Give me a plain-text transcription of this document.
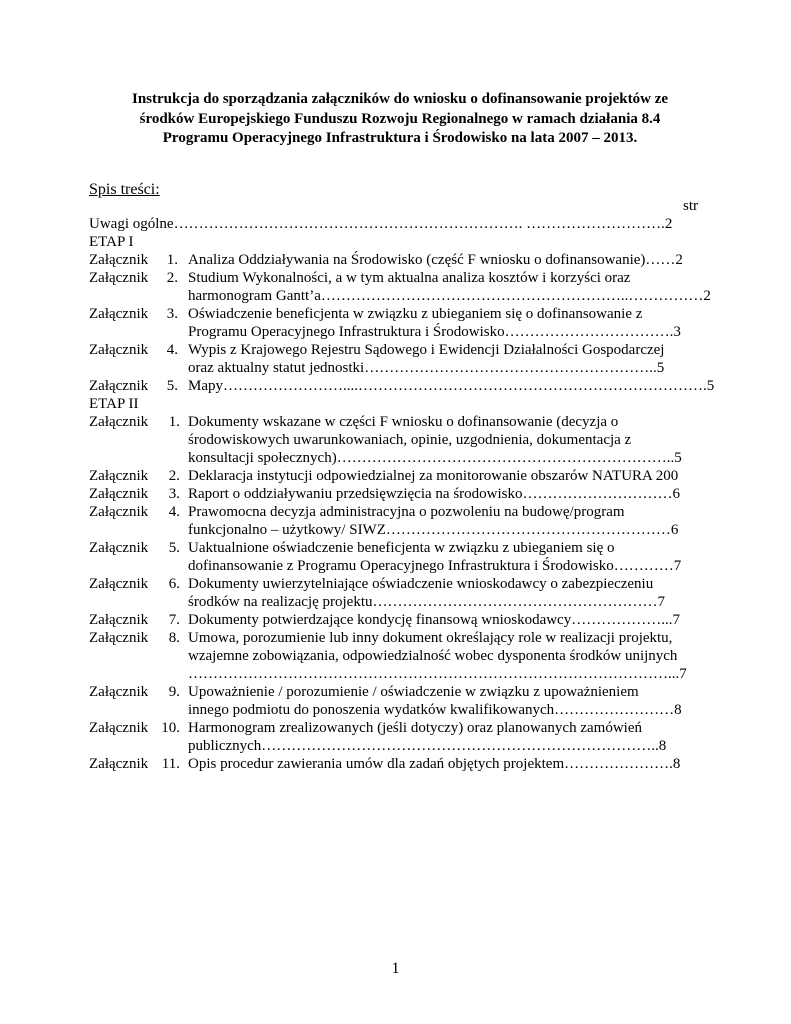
Instrukcja do sporządzania załączników do wniosku o dofinansowanie projektów ze
środków Europejskiego Funduszu Rozwoju Regionalnego w ramach działania 8.4
Programu Operacyjnego Infrastruktura i Środowisko na lata 2007 – 2013.
Spis treści:
str
Uwagi ogólne……………………………………………………………. ……………………….2
ETAP I
Załącznik	1. Analiza Oddziaływania na Środowisko (część F wniosku o dofinansowanie)……2
Załącznik	2. Studium Wykonalności, a w tym aktualna analiza kosztów i korzyści oraz
harmonogram Gantt’a……………………………………………………..……………2
Załącznik	3. Oświadczenie beneficjenta w związku z ubieganiem się o dofinansowanie z
Programu Operacyjnego Infrastruktura i Środowisko…………………………….3
Załącznik	4. Wypis z Krajowego Rejestru Sądowego i Ewidencji Działalności Gospodarczej
oraz aktualny statut jednostki…………………………………………………..5
Załącznik	5. Mapy……………………....…………………………………………………………….5
ETAP II
Załącznik	1. Dokumenty wskazane w części F wniosku o dofinansowanie (decyzja o
środowiskowych uwarunkowaniach, opinie, uzgodnienia, dokumentacja z
konsultacji społecznych)…………………………………………………………..5
Załącznik	2. Deklaracja instytucji odpowiedzialnej za monitorowanie obszarów NATURA 200
Załącznik	3. Raport o oddziaływaniu przedsięwzięcia na środowisko…………………………6
Załącznik	4. Prawomocna decyzja administracyjna o pozwoleniu na budowę/program
funkcjonalno – użytkowy/ SIWZ…………………………………………………6
Załącznik	5. Uaktualnione oświadczenie beneficjenta w związku z ubieganiem się o
dofinansowanie z Programu Operacyjnego Infrastruktura i Środowisko…………7
Załącznik	6. Dokumenty uwierzytelniające oświadczenie wnioskodawcy o zabezpieczeniu
środków na realizację projektu…………………………………………………7
Załącznik	7. Dokumenty potwierdzające kondycję finansową wnioskodawcy………………...7
Załącznik	8. Umowa, porozumienie lub inny dokument określający role w realizacji projektu,
wzajemne zobowiązania, odpowiedzialność wobec dysponenta środków unijnych
……………………………………………………………………………………...7
Załącznik	9. Upoważnienie / porozumienie / oświadczenie w związku z upoważnieniem
innego podmiotu do ponoszenia wydatków kwalifikowanych……………………8
Załącznik 10. Harmonogram zrealizowanych (jeśli dotyczy) oraz planowanych zamówień
publicznych……………………………………………………………………..8
Załącznik 11. Opis procedur zawierania umów dla zadań objętych projektem………………….8
1
